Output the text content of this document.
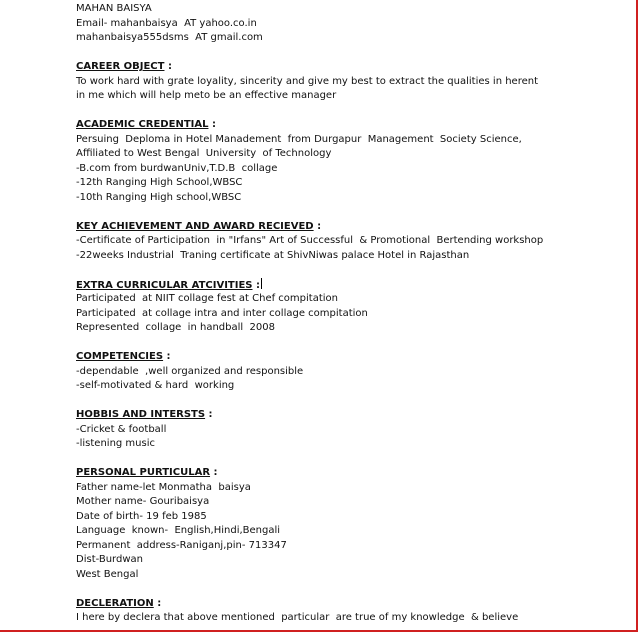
MAHAN BAISYA
Email- mahanbaisya  AT yahoo.co.in
mahanbaisya555dsms  AT gmail.com
CAREER OBJECT :
To work hard with grate loyality, sincerity and give my best to extract the qualities in herent
in me which will help meto be an effective manager
ACADEMIC CREDENTIAL :
Persuing  Deploma in Hotel Manadement  from Durgapur  Management  Society Science,
Affiliated to West Bengal  University  of Technology
-B.com from burdwanUniv,T.D.B  collage
-12th Ranging High School,WBSC
-10th Ranging High school,WBSC
KEY ACHIEVEMENT AND AWARD RECIEVED :
-Certificate of Participation  in "Irfans" Art of Successful  & Promotional  Bertending workshop
-22weeks Industrial  Traning certificate at ShivNiwas palace Hotel in Rajasthan
EXTRA CURRICULAR ATCIVITIES :
Participated  at NIIT collage fest at Chef compitation
Participated  at collage intra and inter collage compitation
Represented  collage  in handball  2008
COMPETENCIES :
-dependable  ,well organized and responsible
-self-motivated & hard  working
HOBBIS AND INTERSTS :
-Cricket & football
-listening music
PERSONAL PURTICULAR :
Father name-let Monmatha  baisya
Mother name- Gouribaisya
Date of birth- 19 feb 1985
Language  known-  English,Hindi,Bengali
Permanent  address-Raniganj,pin- 713347
Dist-Burdwan
West Bengal
DECLERATION :
I here by declera that above mentioned  particular  are true of my knowledge  & believe
